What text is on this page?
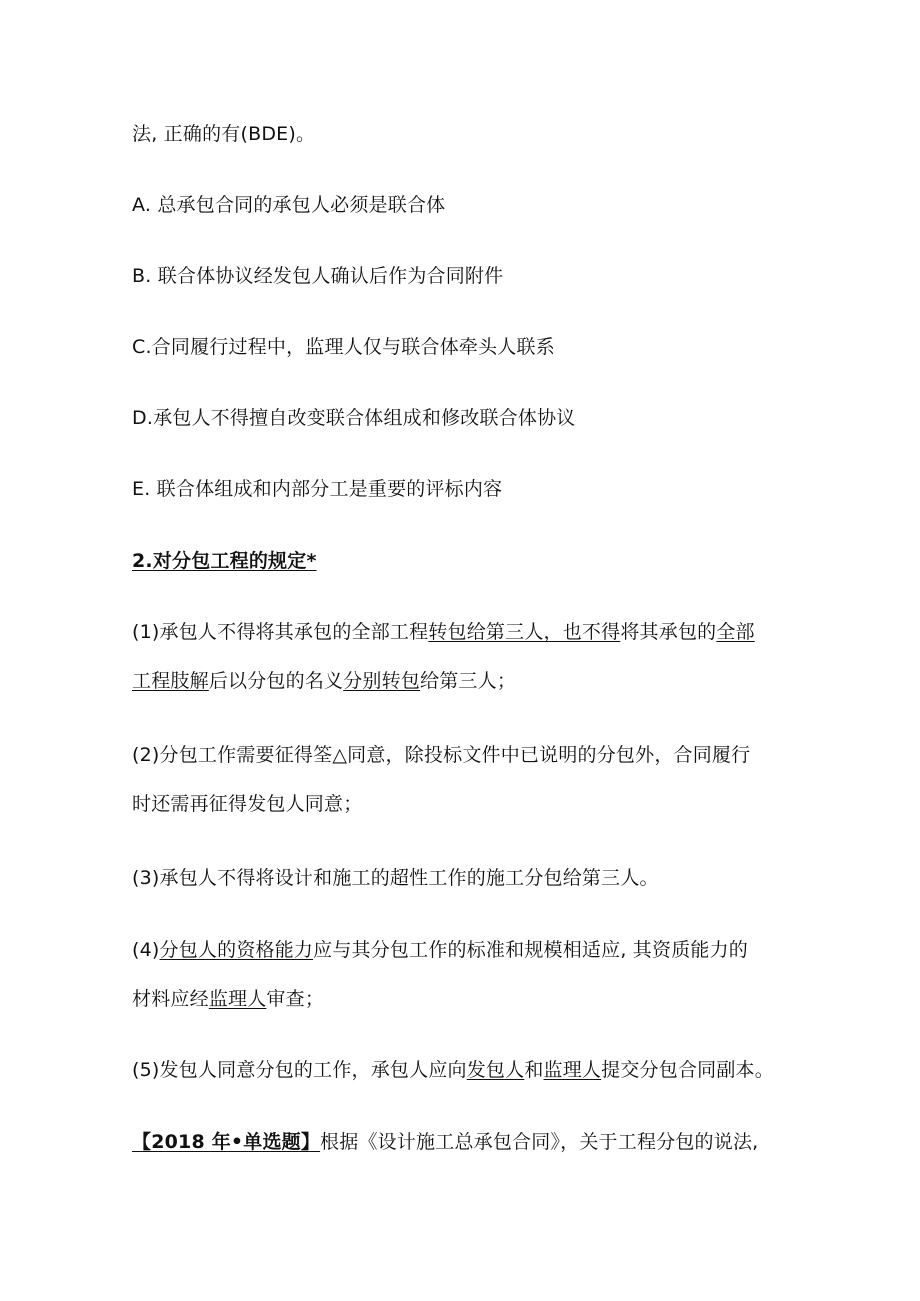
法, 正确的有(BDE)。
A. 总承包合同的承包人必须是联合体
B. 联合体协议经发包人确认后作为合同附件
C.合同履行过程中，监理人仅与联合体牵头人联系
D.承包人不得擅自改变联合体组成和修改联合体协议
E. 联合体组成和内部分工是重要的评标内容
2.对分包工程的规定*
(1)承包人不得将其承包的全部工程转包给第三人，也不得将其承包的全部
工程肢解后以分包的名义分别转包给第三人；
(2)分包工作需要征得筌△同意，除投标文件中已说明的分包外，合同履行
时还需再征得发包人同意；
(3)承包人不得将设计和施工的超性工作的施工分包给第三人。
(4)分包人的资格能力应与其分包工作的标准和规模相适应, 其资质能力的
材料应经监理人审查；
(5)发包人同意分包的工作，承包人应向发包人和监理人提交分包合同副本。
【2018 年•单选题】根据《设计施工总承包合同》，关于工程分包的说法,
